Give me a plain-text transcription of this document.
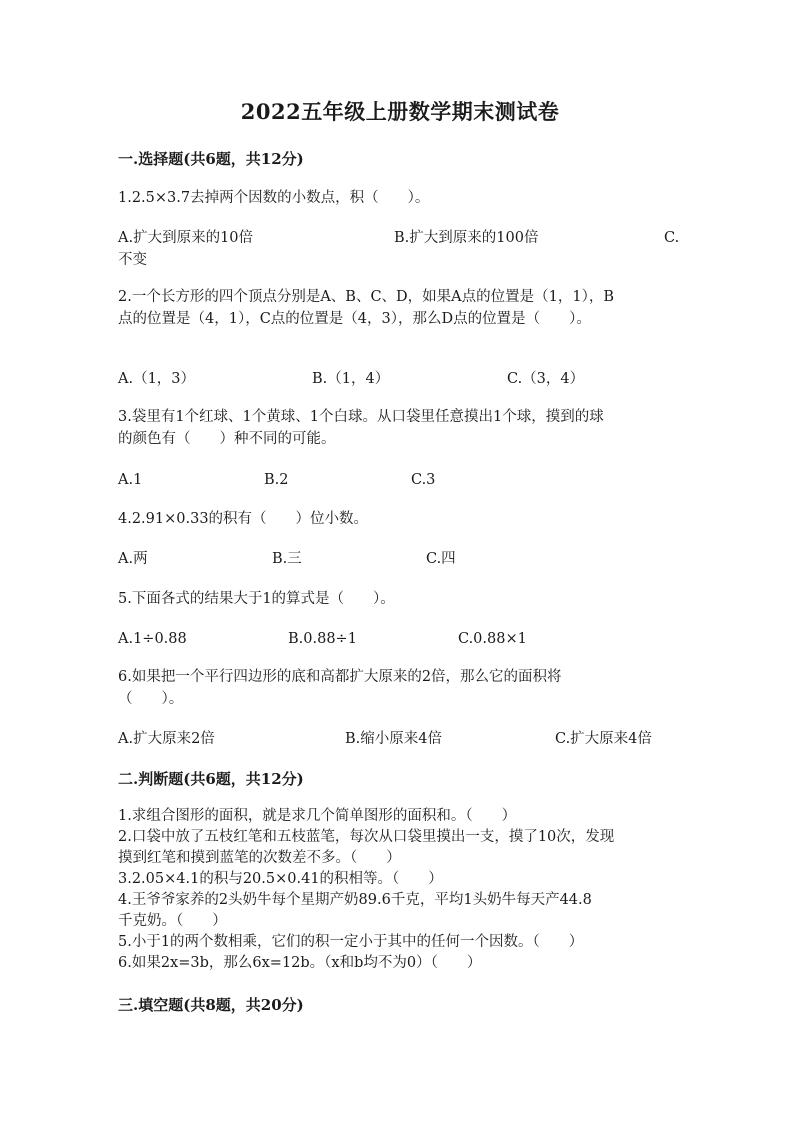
2022五年级上册数学期末测试卷
一.选择题(共6题，共12分)
1.2.5×3.7去掉两个因数的小数点，积（　　）。
A.扩大到原来的10倍	B.扩大到原来的100倍	C.
不变
2.一个长方形的四个顶点分别是A、B、C、D，如果A点的位置是（1，1），B
点的位置是（4，1），C点的位置是（4，3），那么D点的位置是（　　）。
A.（1，3）	B.（1，4）	C.（3，4）
3.袋里有1个红球、1个黄球、1个白球。从口袋里任意摸出1个球，摸到的球
的颜色有（　　）种不同的可能。
A.1	B.2	C.3
4.2.91×0.33的积有（　　）位小数。
A.两	B.三	C.四
5.下面各式的结果大于1的算式是（　　）。
A.1÷0.88	B.0.88÷1	C.0.88×1
6.如果把一个平行四边形的底和高都扩大原来的2倍，那么它的面积将
（　　）。
A.扩大原来2倍	B.缩小原来4倍	C.扩大原来4倍
二.判断题(共6题，共12分)
1.求组合图形的面积，就是求几个简单图形的面积和。（　　）
2.口袋中放了五枝红笔和五枝蓝笔，每次从口袋里摸出一支，摸了10次，发现
摸到红笔和摸到蓝笔的次数差不多。（　　）
3.2.05×4.1的积与20.5×0.41的积相等。（　　）
4.王爷爷家养的2头奶牛每个星期产奶89.6千克，平均1头奶牛每天产44.8
千克奶。（　　）
5.小于1的两个数相乘，它们的积一定小于其中的任何一个因数。（　　）
6.如果2x=3b，那么6x=12b。（x和b均不为0）（　　）
三.填空题(共8题，共20分)
